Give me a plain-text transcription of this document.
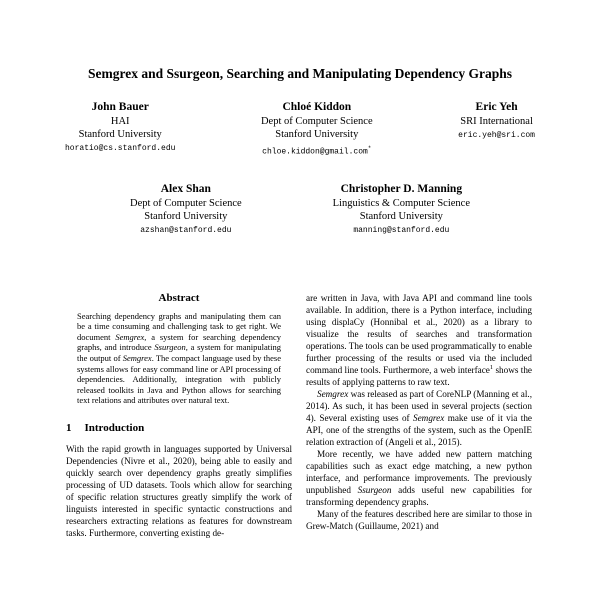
Semgrex and Ssurgeon, Searching and Manipulating Dependency Graphs
John Bauer
HAI
Stanford University
horatio@cs.stanford.edu
Chloé Kiddon
Dept of Computer Science
Stanford University
chloe.kiddon@gmail.com*
Eric Yeh
SRI International
eric.yeh@sri.com
Alex Shan
Dept of Computer Science
Stanford University
azshan@stanford.edu
Christopher D. Manning
Linguistics & Computer Science
Stanford University
manning@stanford.edu
Abstract

Searching dependency graphs and manipulating them can be a time consuming and challenging task to get right. We document Semgrex, a system for searching dependency graphs, and introduce Ssurgeon, a system for manipulating the output of Semgrex. The compact language used by these systems allows for easy command line or API processing of dependencies. Additionally, integration with publicly released toolkits in Java and Python allows for searching text relations and attributes over natural text.

1 Introduction

With the rapid growth in languages supported by Universal Dependencies (Nivre et al., 2020), being able to easily and quickly search over dependency graphs greatly simplifies processing of UD datasets. Tools which allow for searching of specific relation structures greatly simplify the work of linguists interested in specific syntactic constructions and researchers extracting relations as features for downstream tasks. Furthermore, converting existing de-

are written in Java, with Java API and command line tools available. In addition, there is a Python interface, including using displaCy (Honnibal et al., 2020) as a library to visualize the results of searches and transformation operations. The tools can be used programmatically to enable further processing of the results or used via the included command line tools. Furthermore, a web interface$^1$ shows the results of applying patterns to raw text.

Semgrex was released as part of CoreNLP (Manning et al., 2014). As such, it has been used in several projects (section 4). Several existing uses of Semgrex make use of it via the API, one of the strengths of the system, such as the OpenIE relation extraction of (Angeli et al., 2015).

More recently, we have added new pattern matching capabilities such as exact edge matching, a new python interface, and performance improvements. The previously unpublished Ssurgeon adds useful new capabilities for transforming dependency graphs.

Many of the features described here are similar to those in Grew-Match (Guillaume, 2021) and
